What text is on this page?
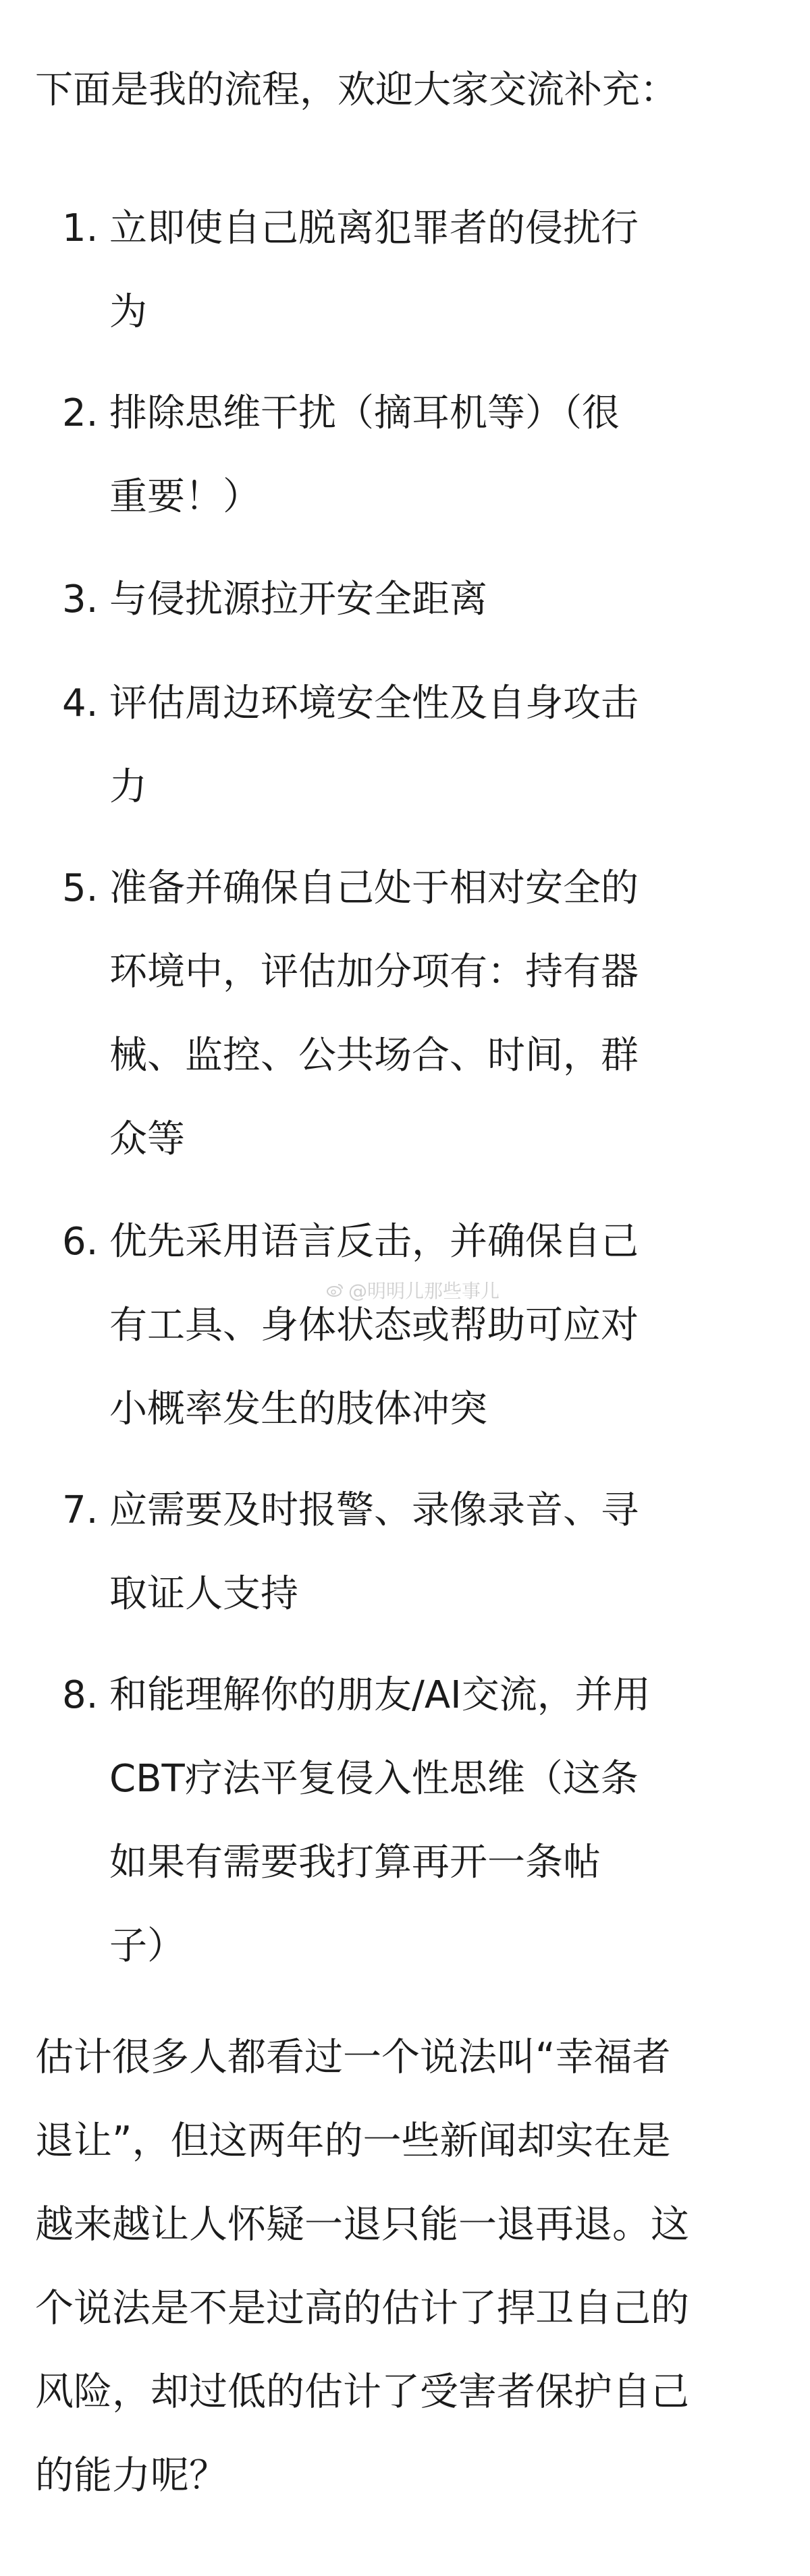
下面是我的流程，欢迎大家交流补充：

1. 立即使自己脱离犯罪者的侵扰行
为
2. 排除思维干扰（摘耳机等）（很
重要！）
3. 与侵扰源拉开安全距离
4. 评估周边环境安全性及自身攻击
力
5. 准备并确保自己处于相对安全的
环境中，评估加分项有：持有器
械、监控、公共场合、时间，群
众等
6. 优先采用语言反击，并确保自己
有工具、身体状态或帮助可应对
小概率发生的肢体冲突
7. 应需要及时报警、录像录音、寻
取证人支持
8. 和能理解你的朋友/AI交流，并用
CBT疗法平复侵入性思维（这条
如果有需要我打算再开一条帖
子）
估计很多人都看过一个说法叫“幸福者
退让”，但这两年的一些新闻却实在是
越来越让人怀疑一退只能一退再退。这
个说法是不是过高的估计了捍卫自己的
风险，却过低的估计了受害者保护自己
的能力呢？
@明明儿那些事儿
